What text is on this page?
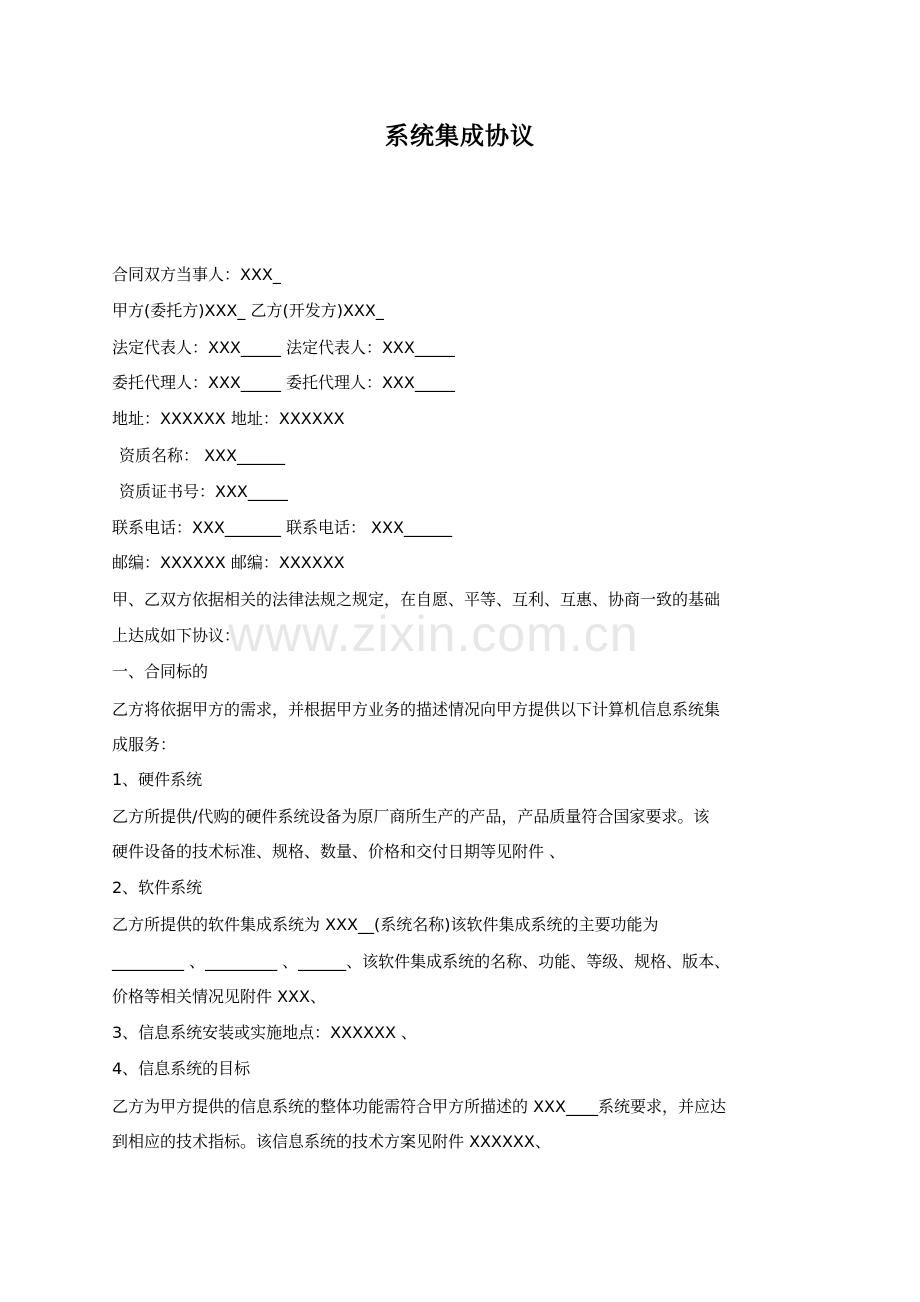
系统集成协议
合同双方当事人：XXX_
甲方(委托方)XXX_ 乙方(开发方)XXX_
法定代表人：XXX_____ 法定代表人：XXX_____
委托代理人：XXX_____ 委托代理人：XXX_____
地址：XXXXXX 地址：XXXXXX
资质名称： XXX______
资质证书号：XXX_____
联系电话：XXX_______ 联系电话： XXX______
邮编：XXXXXX 邮编：XXXXXX
甲、乙双方依据相关的法律法规之规定，在自愿、平等、互利、互惠、协商一致的基础
上达成如下协议：
一、合同标的
乙方将依据甲方的需求，并根据甲方业务的描述情况向甲方提供以下计算机信息系统集
成服务：
1、硬件系统
乙方所提供/代购的硬件系统设备为原厂商所生产的产品，产品质量符合国家要求。该
硬件设备的技术标准、规格、数量、价格和交付日期等见附件 、
2、软件系统
乙方所提供的软件集成系统为 XXX__(系统名称)该软件集成系统的主要功能为
_________ 、_________ 、______、该软件集成系统的名称、功能、等级、规格、版本、
价格等相关情况见附件 XXX、
3、信息系统安装或实施地点：XXXXXX 、
4、信息系统的目标
乙方为甲方提供的信息系统的整体功能需符合甲方所描述的 XXX____系统要求，并应达
到相应的技术指标。该信息系统的技术方案见附件 XXXXXX、
www.zixin.com.cn
